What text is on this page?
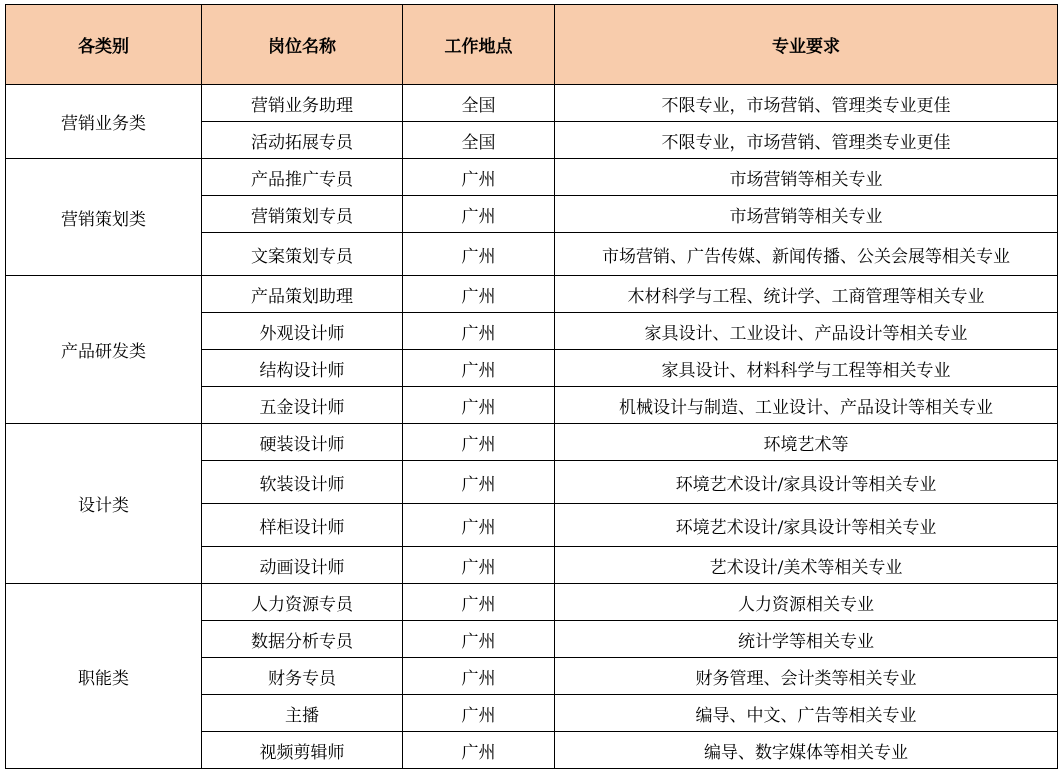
各类别	岗位名称	工作地点	专业要求
营销业务类	营销业务助理	全国	不限专业，市场营销、管理类专业更佳
	活动拓展专员	全国	不限专业，市场营销、管理类专业更佳
营销策划类	产品推广专员	广州	市场营销等相关专业
	营销策划专员	广州	市场营销等相关专业
	文案策划专员	广州	市场营销、广告传媒、新闻传播、公关会展等相关专业
产品研发类	产品策划助理	广州	木材科学与工程、统计学、工商管理等相关专业
	外观设计师	广州	家具设计、工业设计、产品设计等相关专业
	结构设计师	广州	家具设计、材料科学与工程等相关专业
	五金设计师	广州	机械设计与制造、工业设计、产品设计等相关专业
设计类	硬装设计师	广州	环境艺术等
	软装设计师	广州	环境艺术设计/家具设计等相关专业
	样柜设计师	广州	环境艺术设计/家具设计等相关专业
	动画设计师	广州	艺术设计/美术等相关专业
职能类	人力资源专员	广州	人力资源相关专业
	数据分析专员	广州	统计学等相关专业
	财务专员	广州	财务管理、会计类等相关专业
	主播	广州	编导、中文、广告等相关专业
	视频剪辑师	广州	编导、数字媒体等相关专业
